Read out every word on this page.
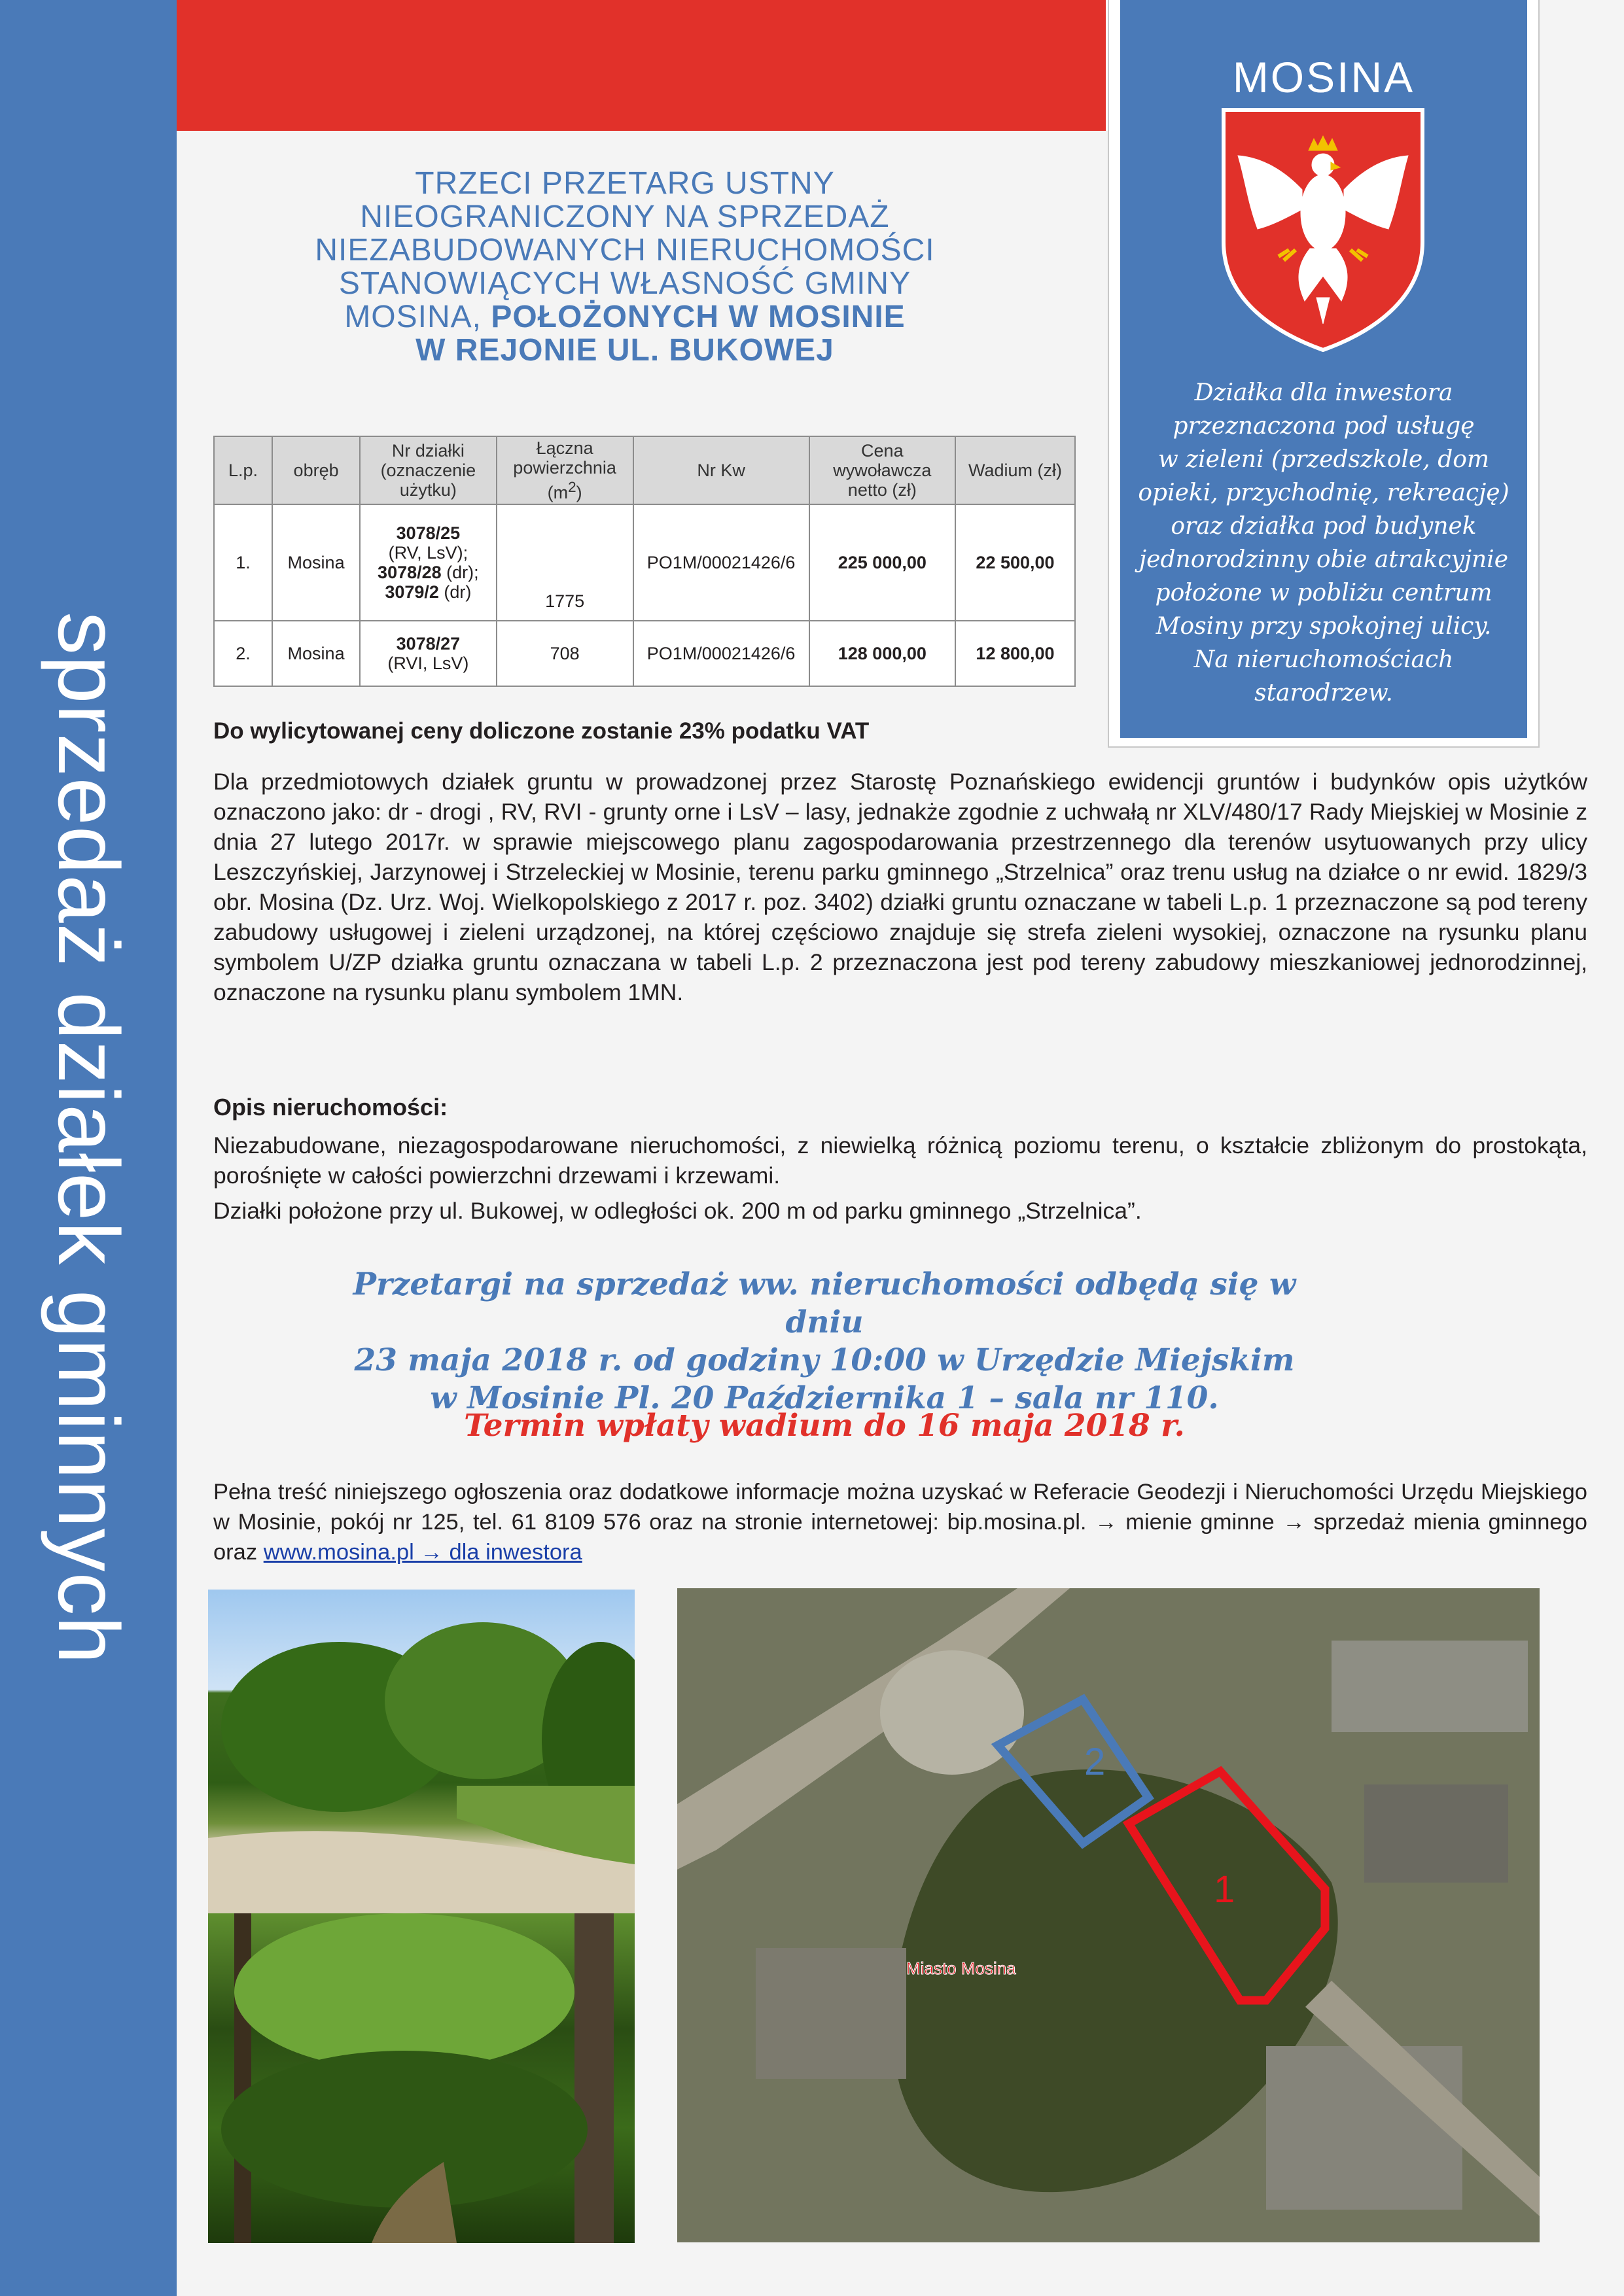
sprzedaż działek gminnych
MOSINA
Działka dla inwestora
przeznaczona pod usługę
w zieleni (przedszkole, dom
opieki, przychodnię, rekreację)
oraz działka pod budynek
jednorodzinny obie atrakcyjnie
położone w pobliżu centrum
Mosiny przy spokojnej ulicy.
Na nieruchomościach
starodrzew.
TRZECI PRZETARG USTNY
NIEOGRANICZONY NA SPRZEDAŻ
NIEZABUDOWANYCH NIERUCHOMOŚCI
STANOWIĄCYCH WŁASNOŚĆ GMINY
MOSINA, POŁOŻONYCH W MOSINIE
W REJONIE UL. BUKOWEJ
L.p.	obręb	Nr działki (oznaczenie użytku)	Łączna powierzchnia $(m^2)$	Nr Kw	Cena wywoławcza netto (zł)	Wadium (zł)
1.	Mosina	3078/25
(RV, LsV);
3078/28 (dr);
3079/2 (dr)	1775	PO1M/00021426/6	225 000,00	22 500,00
2.	Mosina	3078/27
(RVI, LsV)	708	PO1M/00021426/6	128 000,00	12 800,00
Do wylicytowanej ceny doliczone zostanie 23% podatku VAT
Dla przedmiotowych działek gruntu w prowadzonej przez Starostę Poznańskiego ewidencji gruntów i budynków opis użytków oznaczono jako: dr - drogi , RV, RVI - grunty orne i LsV – lasy, jednakże zgodnie z uchwałą nr XLV/480/17 Rady Miejskiej w Mosinie z dnia 27 lutego 2017r. w sprawie miejscowego planu zagospodarowania przestrzennego dla terenów usytuowanych przy ulicy Leszczyńskiej, Jarzynowej i Strzeleckiej w Mosinie, terenu parku gminnego „Strzelnica” oraz trenu usług na działce o nr ewid. 1829/3 obr. Mosina (Dz. Urz. Woj. Wielkopolskiego z 2017 r. poz. 3402) działki gruntu oznaczane w tabeli L.p. 1 przeznaczone są pod tereny zabudowy usługowej i zieleni urządzonej, na której częściowo znajduje się strefa zieleni wysokiej, oznaczone na rysunku planu symbolem U/ZP działka gruntu oznaczana w tabeli L.p. 2 przeznaczona jest pod tereny zabudowy mieszkaniowej jednorodzinnej, oznaczone na rysunku planu symbolem 1MN.
Opis nieruchomości:
Niezabudowane, niezagospodarowane nieruchomości, z niewielką różnicą poziomu terenu, o kształcie zbliżonym do prostokąta, porośnięte w całości powierzchni drzewami i krzewami.
Działki położone przy ul. Bukowej, w odległości ok. 200 m od parku gminnego „Strzelnica”.
Przetargi na sprzedaż ww. nieruchomości odbędą się w dniu
23 maja 2018 r. od godziny 10:00 w Urzędzie Miejskim
w Mosinie Pl. 20 Października 1 – sala nr 110.
Termin wpłaty wadium do 16 maja 2018 r.
Pełna treść niniejszego ogłoszenia oraz dodatkowe informacje można uzyskać w Referacie Geodezji i Nieruchomości Urzędu Miejskiego w Mosinie, pokój nr 125, tel. 61 8109 576 oraz na stronie internetowej: bip.mosina.pl. → mienie gminne → sprzedaż mienia gminnego oraz www.mosina.pl → dla inwestora
2
1
Miasto Mosina
